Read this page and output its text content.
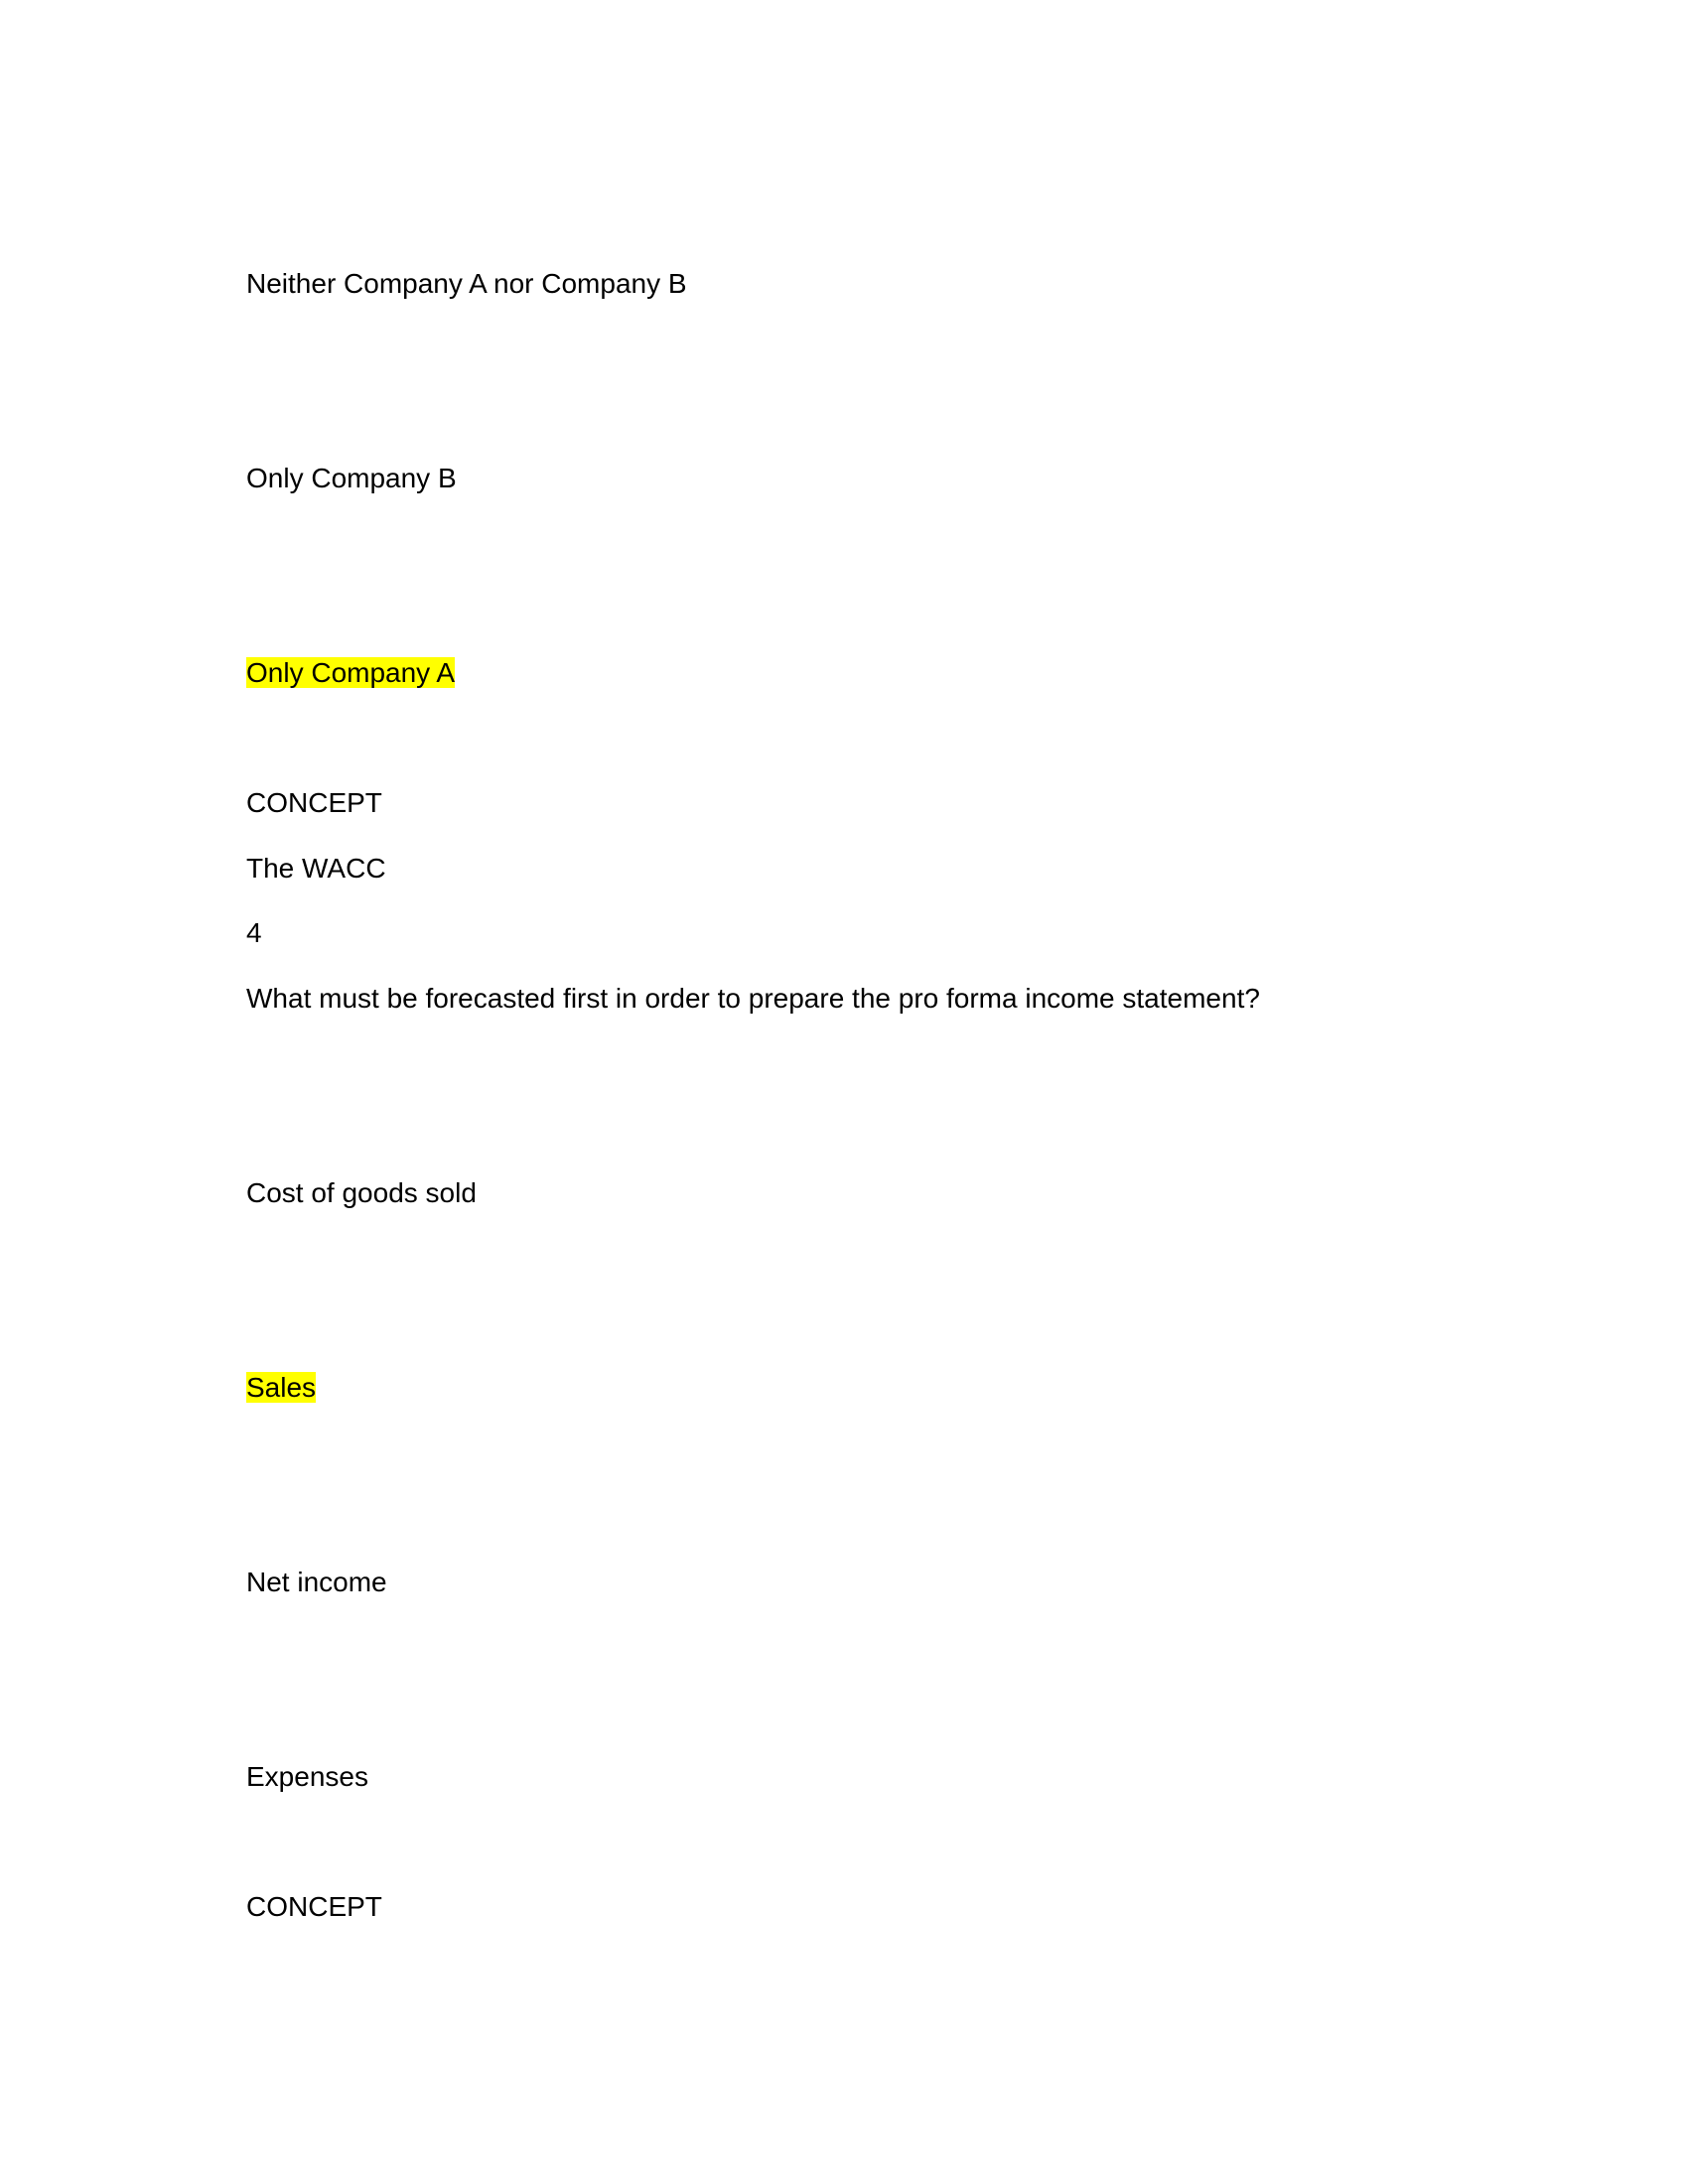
Neither Company A nor Company B
Only Company B
Only Company A
CONCEPT
The WACC
4
What must be forecasted first in order to prepare the pro forma income statement?
Cost of goods sold
Sales
Net income
Expenses
CONCEPT
